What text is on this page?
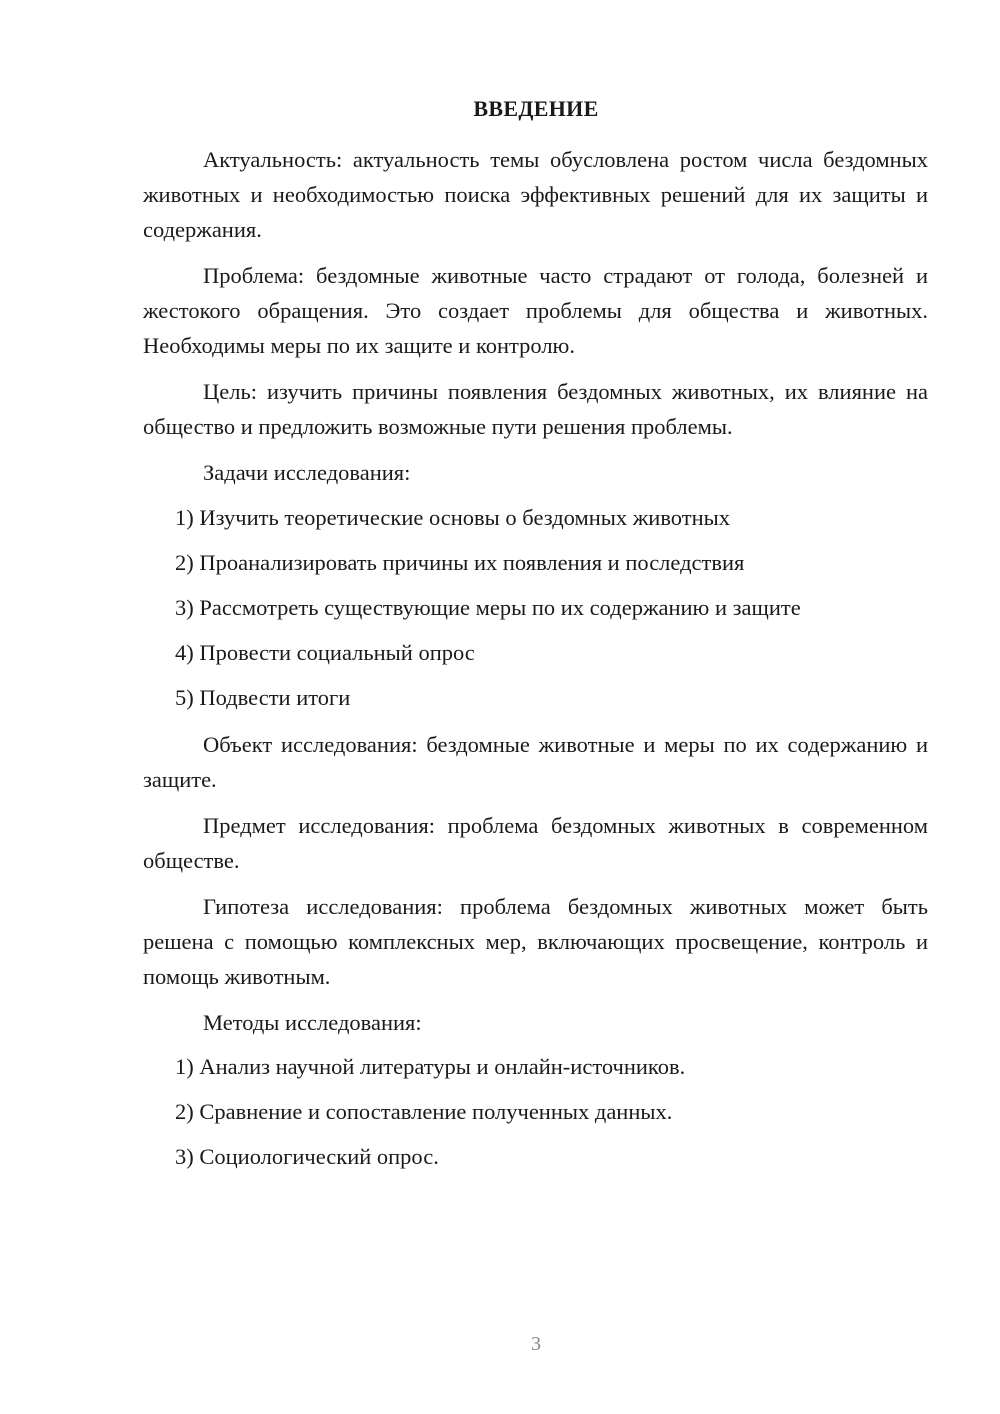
ВВЕДЕНИЕ

Актуальность: актуальность темы обусловлена ростом числа бездомных животных и необходимостью поиска эффективных решений для их защиты и содержания.

Проблема: бездомные животные часто страдают от голода, болезней и жестокого обращения. Это создает проблемы для общества и животных. Необходимы меры по их защите и контролю.

Цель: изучить причины появления бездомных животных, их влияние на общество и предложить возможные пути решения проблемы.

Задачи исследования:

1) Изучить теоретические основы о бездомных животных
2) Проанализировать причины их появления и последствия
3) Рассмотреть существующие меры по их содержанию и защите
4) Провести социальный опрос
5) Подвести итоги

Объект исследования: бездомные животные и меры по их содержанию и защите.

Предмет исследования: проблема бездомных животных в современном обществе.

Гипотеза исследования: проблема бездомных животных может быть решена с помощью комплексных мер, включающих просвещение, контроль и помощь животным.

Методы исследования:

1) Анализ научной литературы и онлайн-источников.
2) Сравнение и сопоставление полученных данных.
3) Социологический опрос.
3
